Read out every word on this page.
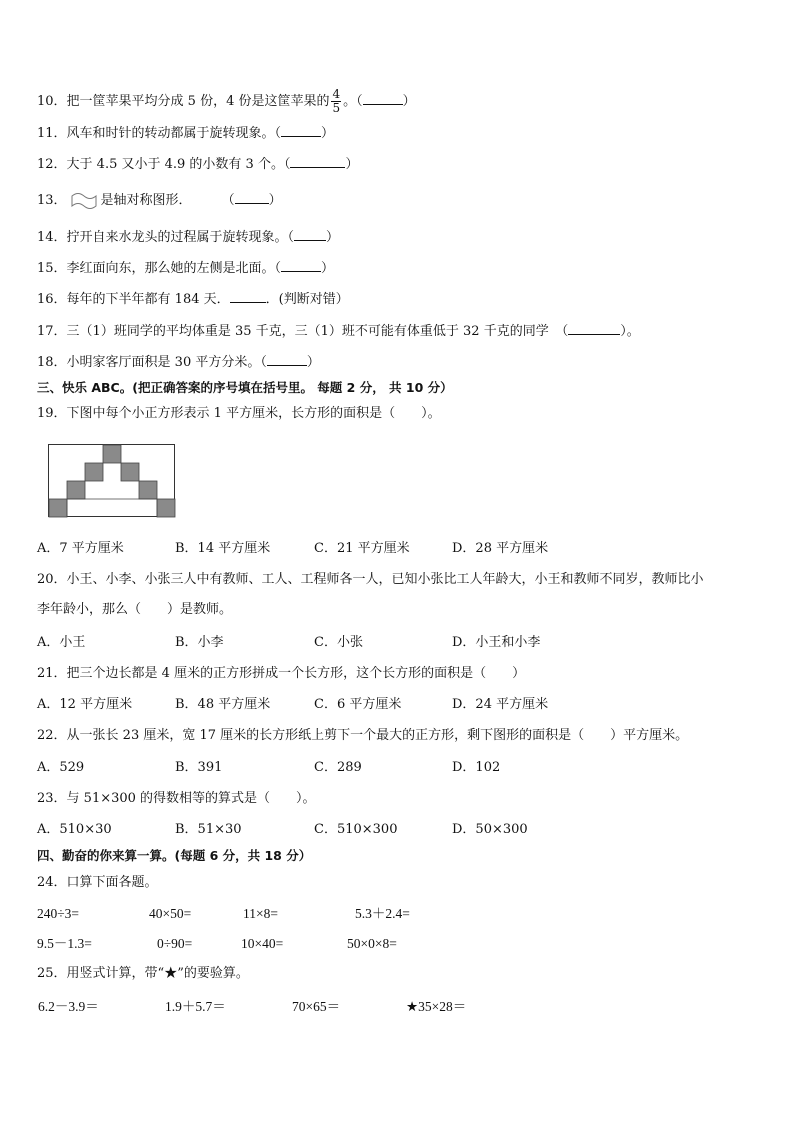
10．把一筐苹果平均分成 5 份，4 份是这筐苹果的 $\frac{4}{5}$ 。（	）
11．风车和时针的转动都属于旋转现象。（	）
12．大于 4.5 又小于 4.9 的小数有 3 个。（	）
13．	是轴对称图形． （	）
14．拧开自来水龙头的过程属于旋转现象。（ ）
15．李红面向东，那么她的左侧是北面。（	）
16．每年的下半年都有 184 天．	．(判断对错）
17．三（1）班同学的平均体重是 35 千克，三（1）班不可能有体重低于 32 千克的同学　（	）。
18．小明家客厅面积是 30 平方分米。（	）
三、快乐 ABC。(把正确答案的序号填在括号里。 每题 2 分， 共 10 分）
19．下图中每个小正方形表示 1 平方厘米，长方形的面积是（　　）。
A．7 平方厘米	B．14 平方厘米	C．21 平方厘米	D．28 平方厘米
20．小王、小李、小张三人中有教师、工人、工程师各一人，已知小张比工人年龄大，小王和教师不同岁，教师比小
李年龄小，那么（　　）是教师。
A．小王	B．小李	C．小张	D．小王和小李
21．把三个边长都是 4 厘米的正方形拼成一个长方形，这个长方形的面积是（　　）
A．12 平方厘米	B．48 平方厘米	C．6 平方厘米	D．24 平方厘米
22．从一张长 23 厘米，宽 17 厘米的长方形纸上剪下一个最大的正方形，剩下图形的面积是（　　）平方厘米。
A．529	B．391	C．289	D．102
23．与 51×300 的得数相等的算式是（　　）。
A．510×30	B．51×30	C．510×300	D．50×300
四、勤奋的你来算一算。(每题 6 分，共 18 分）
24．口算下面各题。
240÷3=	40×50=	11×8=	5.3＋2.4=
9.5－1.3=	0÷90=	10×40=	50×0×8=
25．用竖式计算，带“★”的要验算。
6.2－3.9＝	1.9＋5.7＝	70×65＝	★35×28＝
